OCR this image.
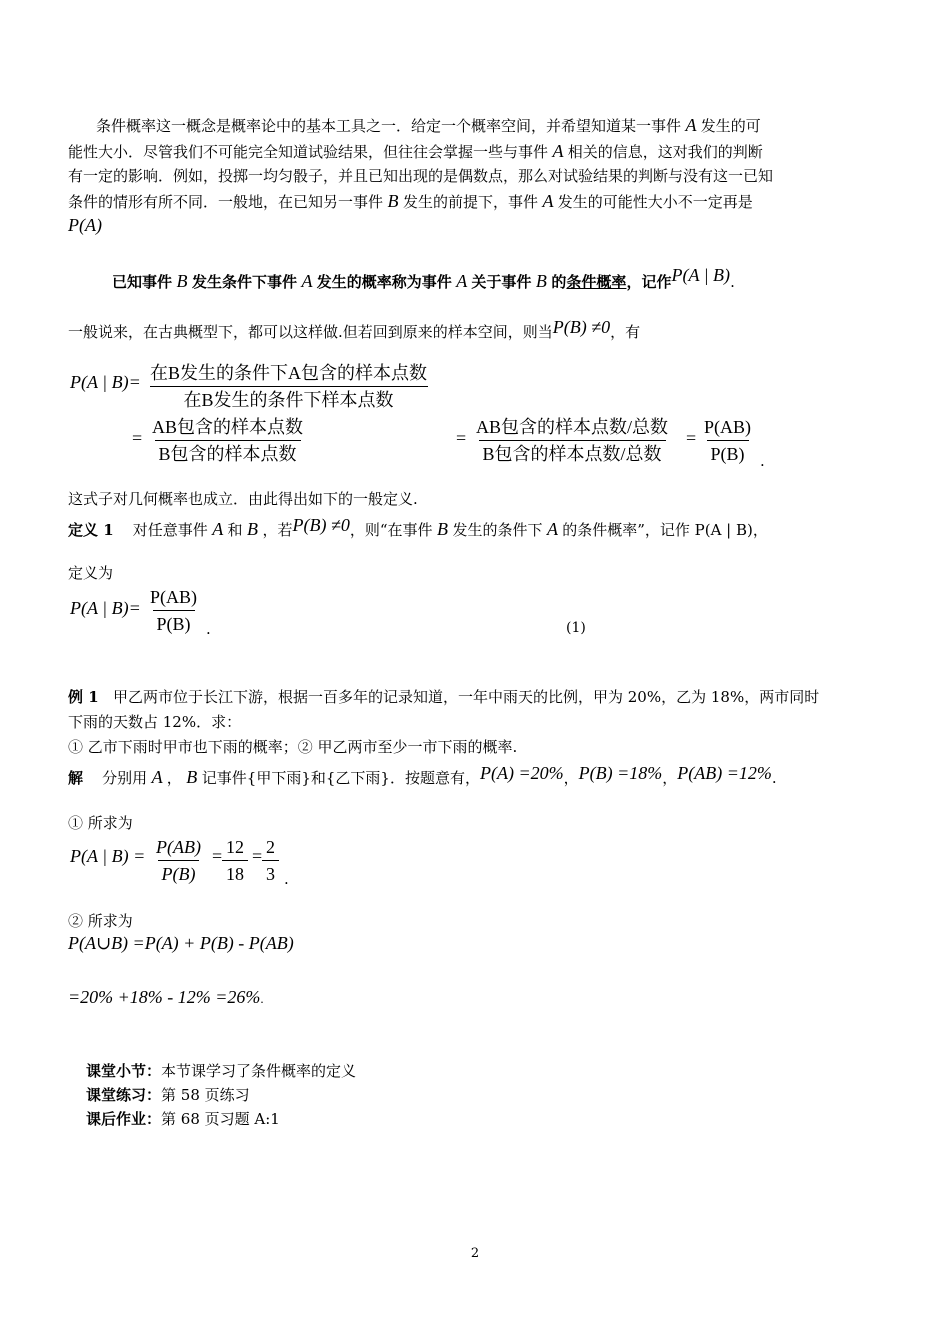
条件概率这一概念是概率论中的基本工具之一．给定一个概率空间，并希望知道某一事件 A 发生的可
能性大小．尽管我们不可能完全知道试验结果，但往往会掌握一些与事件 A 相关的信息，这对我们的判断
有一定的影响．例如，投掷一均匀骰子，并且已知出现的是偶数点，那么对试验结果的判断与没有这一已知
条件的情形有所不同．一般地，在已知另一事件 B 发生的前提下，事件 A 发生的可能性大小不一定再是
P(A)
已知事件 B 发生条件下事件 A 发生的概率称为事件 A 关于事件 B 的条件概率，记作P(A | B).
一般说来，在古典概型下，都可以这样做.但若回到原来的样本空间，则当P(B) ≠0，有
P(A | B)= 在B发生的条件下A包含的样本点数
在B发生的条件下样本点数
=
AB包含的样本点数
B包含的样本点数
=
AB包含的样本点数/总数
B包含的样本点数/总数
= $\frac{P(AB)}{P(B)}$ .
这式子对几何概率也成立．由此得出如下的一般定义.
定义 1 对任意事件 A 和 B ，若P(B) ≠0，则“在事件 B 发生的条件下 A 的条件概率”，记作 P(A | B)，
定义为
P(A | $B)= \frac{P(AB)}{P(B)}$ .	(1)
例 1 甲乙两市位于长江下游，根据一百多年的记录知道，一年中雨天的比例，甲为 20%，乙为 18%，两市同时
下雨的天数占 12%．求：
① 乙市下雨时甲市也下雨的概率；② 甲乙两市至少一市下雨的概率.
解 分别用 A ， B 记事件{甲下雨}和{乙下雨}．按题意有，P(A) =20%，P(B) =18%，P(AB) =12%.
① 所求为
P(A | $B) = \frac{P(AB)}{P(B)} = \frac{12}{18} = \frac{2}{3}$ .
② 所求为
P(A∪B) =P(A) + P(B) - P(AB)
=20% +18% - 12% =26%.
课堂小节：本节课学习了条件概率的定义
课堂练习：第 58 页练习
课后作业：第 68 页习题 A:1
2
